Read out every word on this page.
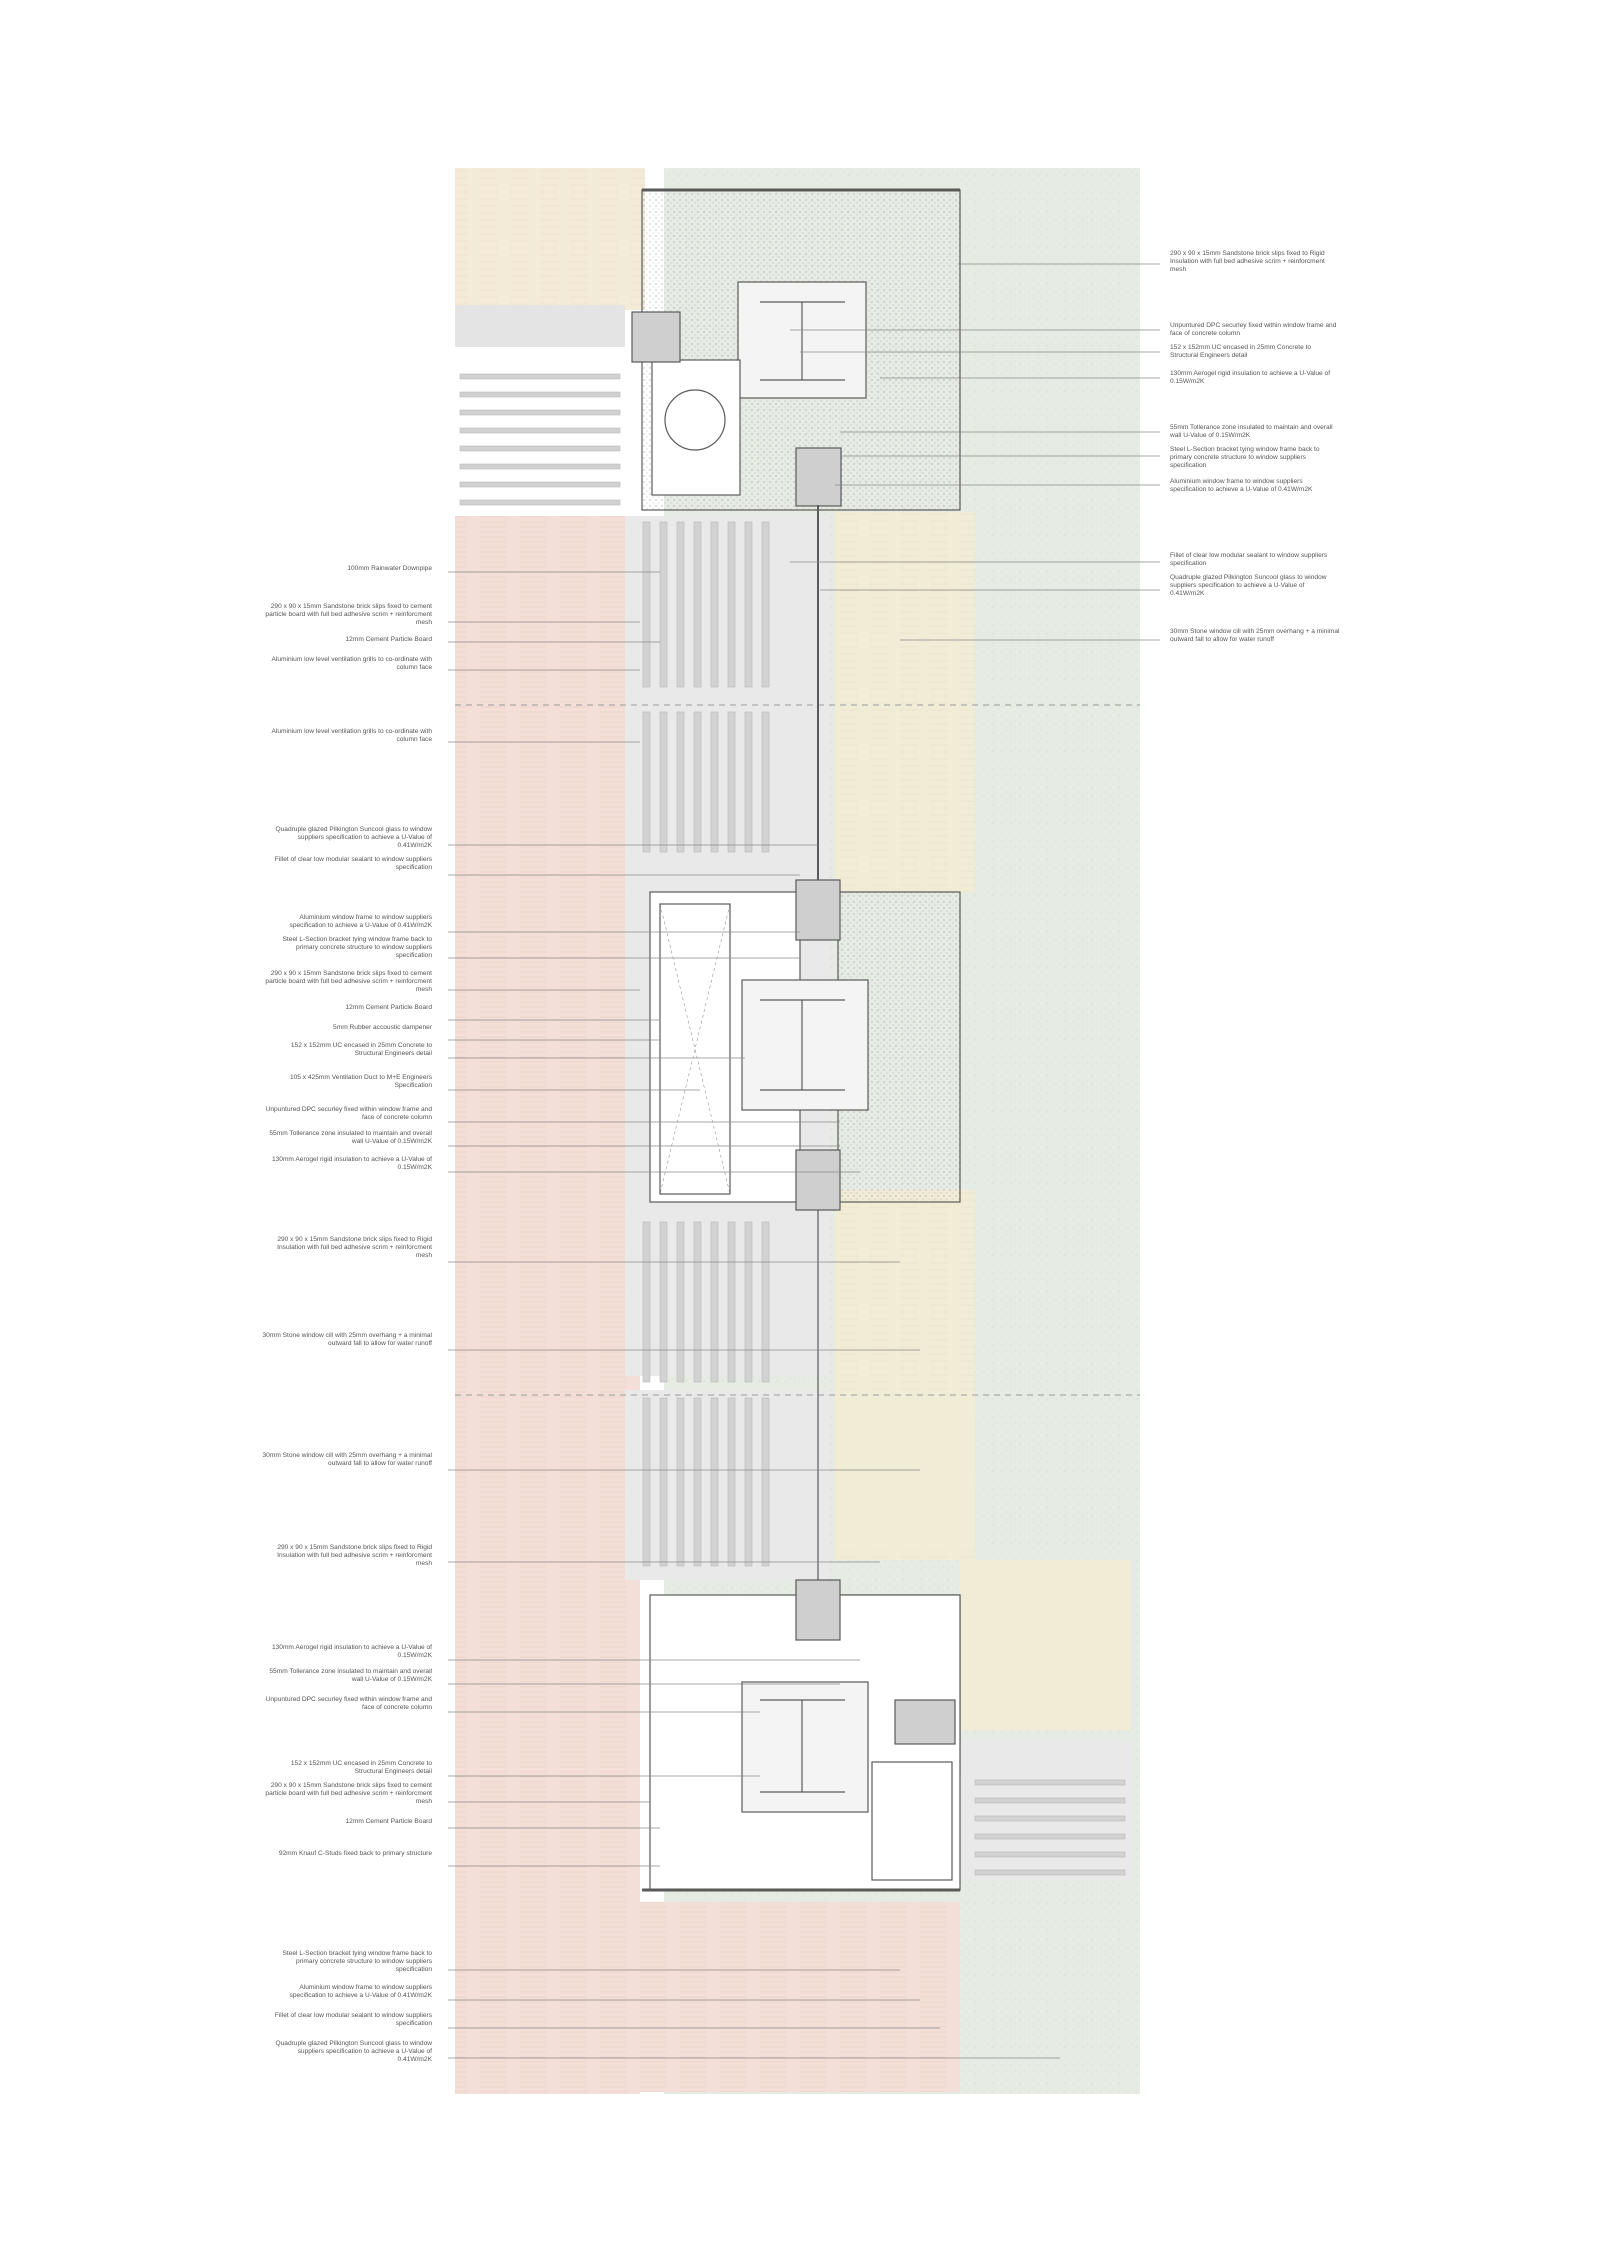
290 x 90 x 15mm Sandstone brick slips fixed to Rigid Insulation with full bed adhesive scrim + reinforcment mesh
Unpuntured DPC securley fixed within window frame and face of concrete column
152 x 152mm UC encased in 25mm Concrete to Structural Engineers detail
130mm Aerogel rigid insulation to achieve a U-Value of 0.15W/m2K
55mm Tollerance zone insulated to maintain and overall wall U-Value of 0.15W/m2K
Steel L-Section bracket tying window frame back to primary concrete structure to window suppliers specification
Aluminium window frame to window suppliers specification to achieve a U-Value of 0.41W/m2K
Fillet of clear low modular sealant to window suppliers specification
Quadruple glazed Pilkington Suncool glass to window suppliers specification to achieve a U-Value of 0.41W/m2K
30mm Stone window cill with 25mm overhang + a minimal outward fall to allow for water runoff
100mm Rainwater Downpipe
290 x 90 x 15mm Sandstone brick slips fixed to cement particle board with full bed adhesive scrim + reinforcment mesh
12mm Cement Particle Board
Aluminium low level ventilation grills to co-ordinate with column face
Aluminium low level ventilation grills to co-ordinate with column face
Quadruple glazed Pilkington Suncool glass to window suppliers specification to achieve a U-Value of 0.41W/m2K
Fillet of clear low modular sealant to window suppliers specification
Aluminium window frame to window suppliers specification to achieve a U-Value of 0.41W/m2K
Steel L-Section bracket tying window frame back to primary concrete structure to window suppliers specification
290 x 90 x 15mm Sandstone brick slips fixed to cement particle board with full bed adhesive scrim + reinforcment mesh
12mm Cement Particle Board
5mm Rubber accoustic dampener
152 x 152mm UC encased in 25mm Concrete to Structural Engineers detail
105 x 425mm Ventilation Duct to M+E Engineers Specification
Unpuntured DPC securley fixed within window frame and face of concrete column
55mm Tollerance zone insulated to maintain and overall wall U-Value of 0.15W/m2K
130mm Aerogel rigid insulation to achieve a U-Value of 0.15W/m2K
290 x 90 x 15mm Sandstone brick slips fixed to Rigid Insulation with full bed adhesive scrim + reinforcment mesh
30mm Stone window cill with 25mm overhang + a minimal outward fall to allow for water runoff
30mm Stone window cill with 25mm overhang + a minimal outward fall to allow for water runoff
290 x 90 x 15mm Sandstone brick slips fixed to Rigid Insulation with full bed adhesive scrim + reinforcment mesh
130mm Aerogel rigid insulation to achieve a U-Value of 0.15W/m2K
55mm Tollerance zone insulated to maintain and overall wall U-Value of 0.15W/m2K
Unpuntured DPC securley fixed within window frame and face of concrete column
152 x 152mm UC encased in 25mm Concrete to Structural Engineers detail
290 x 90 x 15mm Sandstone brick slips fixed to cement particle board with full bed adhesive scrim + reinforcment mesh
12mm Cement Particle Board
92mm Knauf C-Studs fixed back to primary structure
Steel L-Section bracket tying window frame back to primary concrete structure to window suppliers specification
Aluminium window frame to window suppliers specification to achieve a U-Value of 0.41W/m2K
Fillet of clear low modular sealant to window suppliers specification
Quadruple glazed Pilkington Suncool glass to window suppliers specification to achieve a U-Value of 0.41W/m2K
